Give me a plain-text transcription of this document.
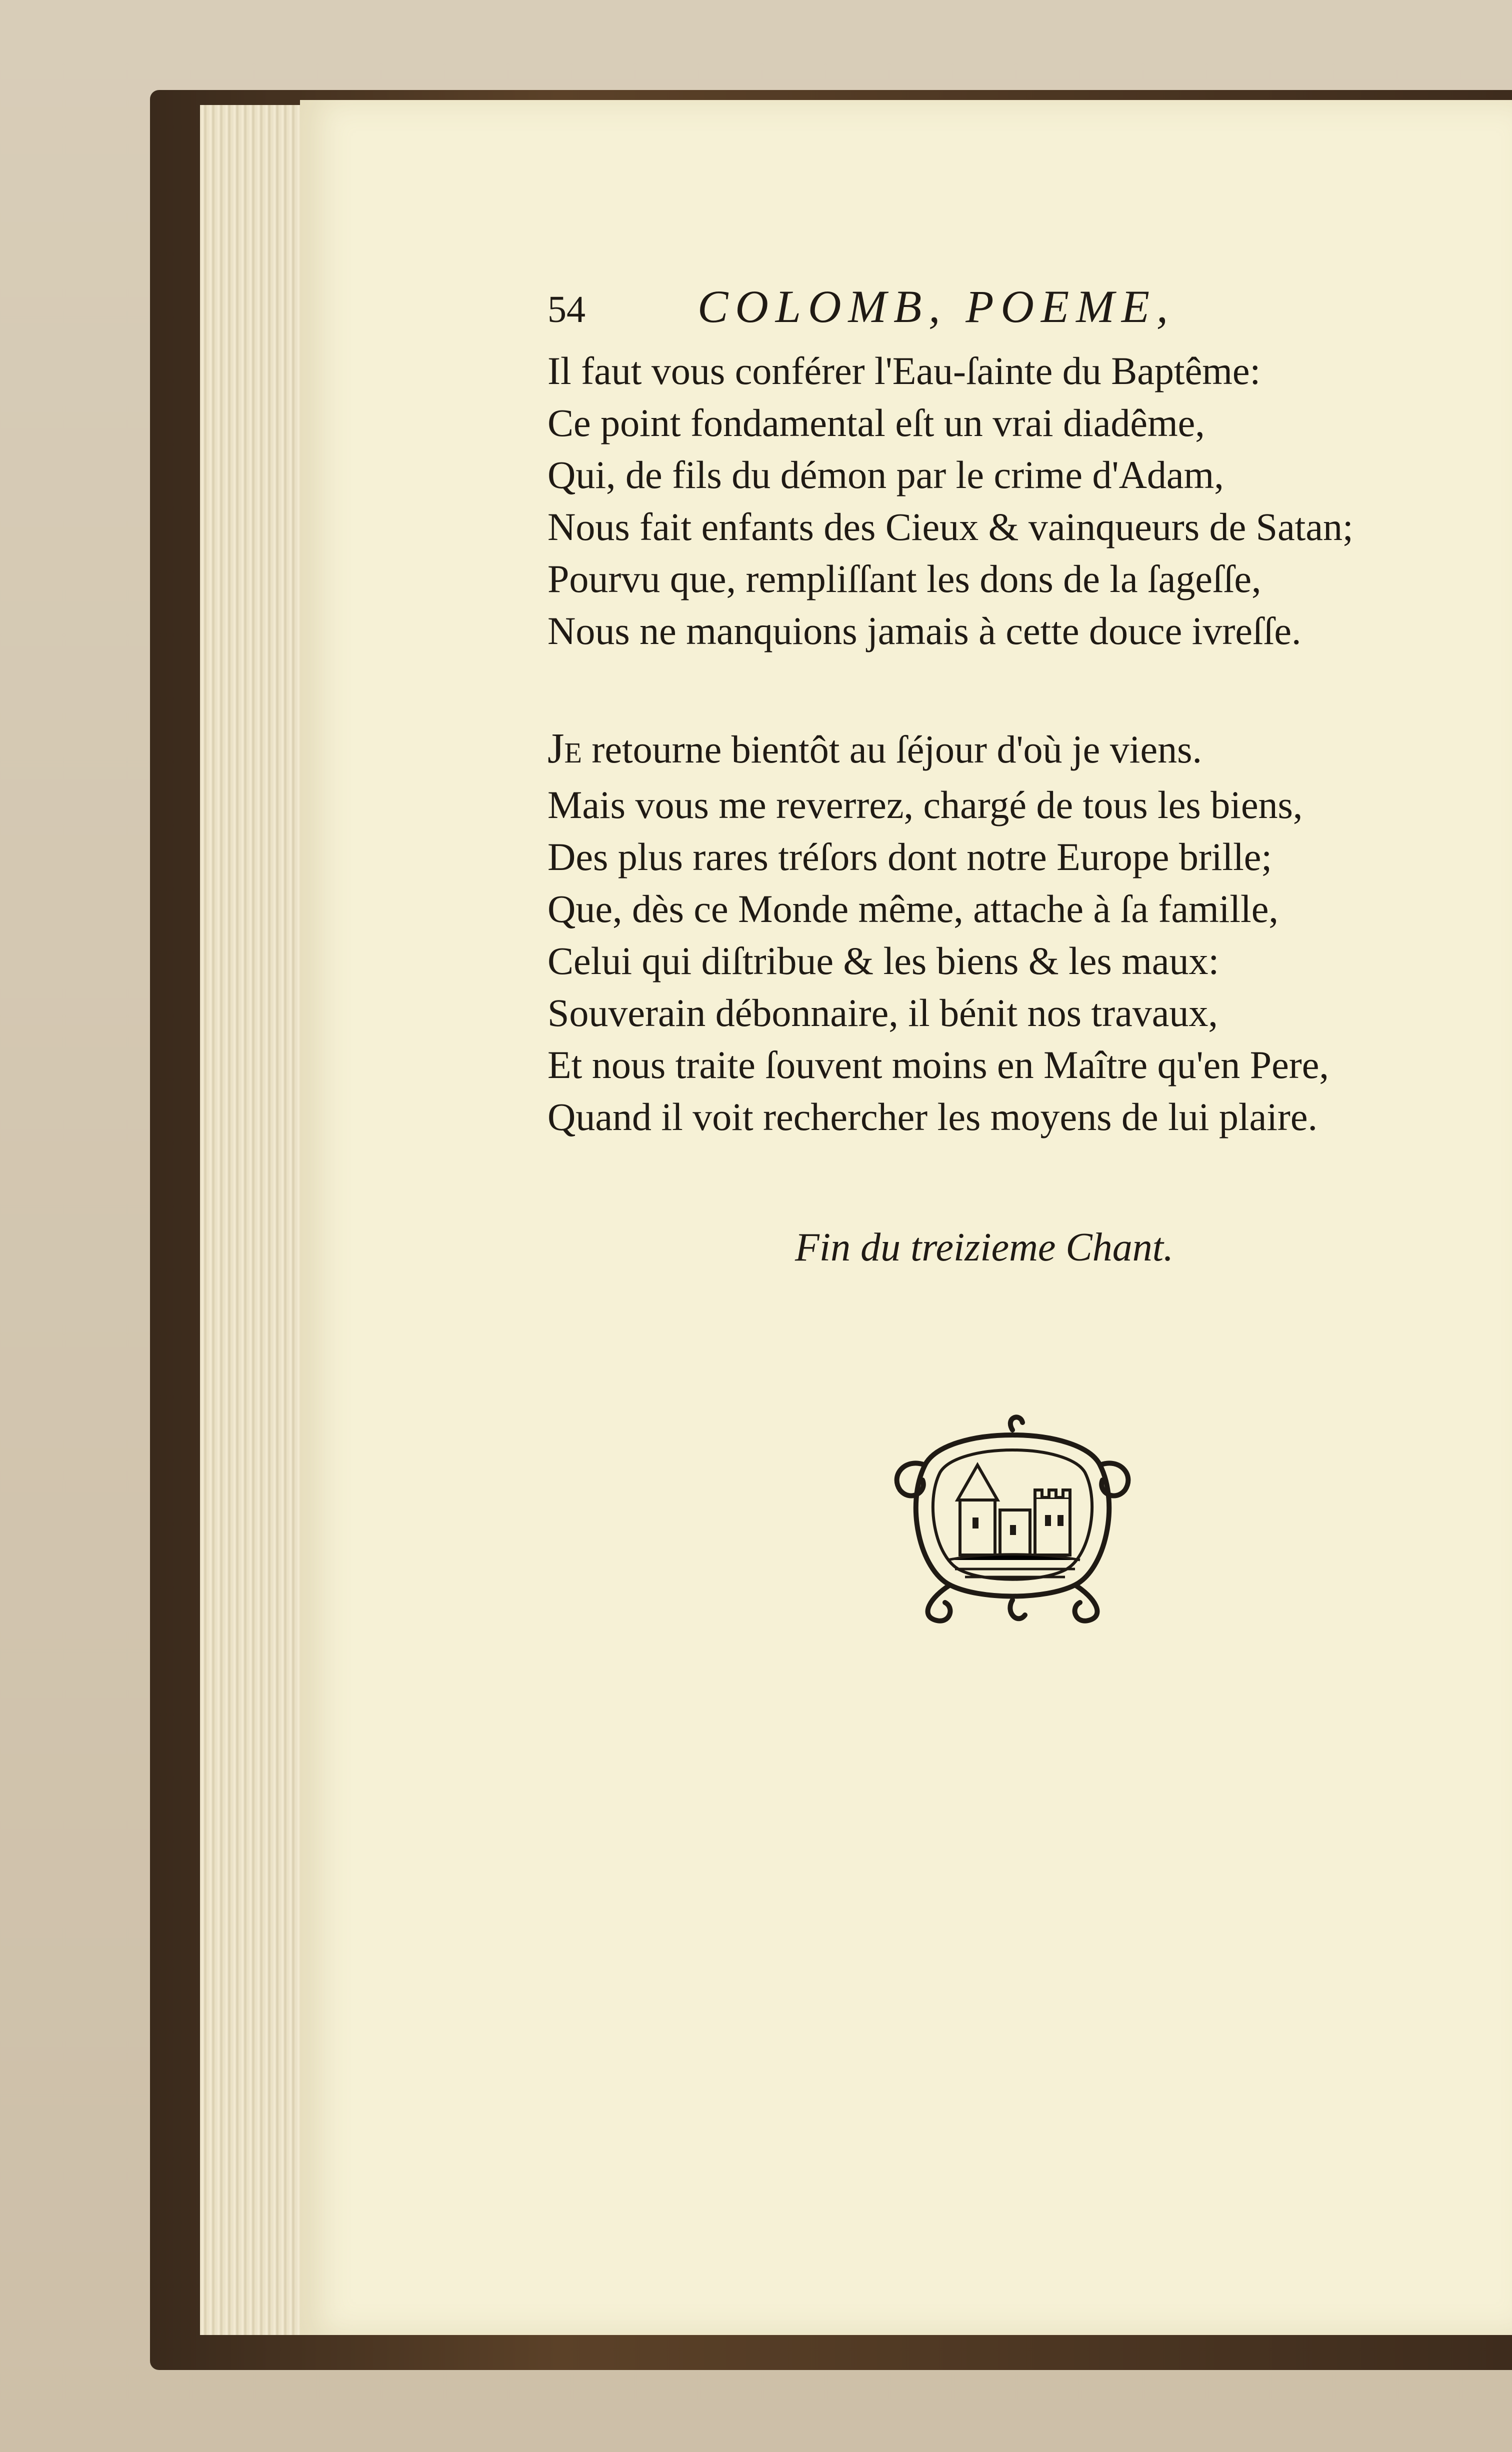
54	COLOMB, POEME,
Il faut vous conférer l'Eau-ſainte du Baptême:
Ce point fondamental eſt un vrai diadême,
Qui, de fils du démon par le crime d'Adam,
Nous fait enfants des Cieux & vainqueurs de Satan;
Pourvu que, rempliſſant les dons de la ſageſſe,
Nous ne manquions jamais à cette douce ivreſſe.
JE retourne bientôt au ſéjour d'où je viens.
Mais vous me reverrez, chargé de tous les biens,
Des plus rares tréſors dont notre Europe brille;
Que, dès ce Monde même, attache à ſa famille,
Celui qui diſtribue & les biens & les maux:
Souverain débonnaire, il bénit nos travaux,
Et nous traite ſouvent moins en Maître qu'en Pere,
Quand il voit rechercher les moyens de lui plaire.
Fin du treizieme Chant.
